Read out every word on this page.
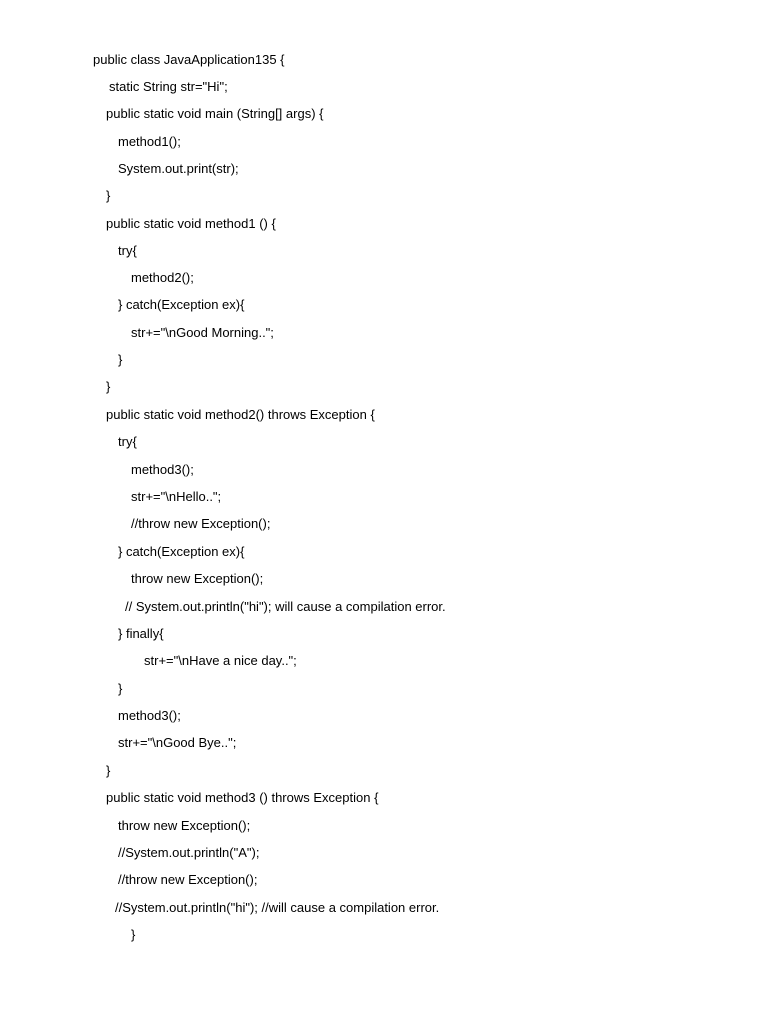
public class JavaApplication135 {
static String str="Hi";
public static void main (String[] args) {
method1();
System.out.print(str);
}
public static void method1 () {
try{
method2();
} catch(Exception ex){
str+="\nGood Morning..";
}
}
public static void method2() throws Exception {
try{
method3();
str+="\nHello..";
//throw new Exception();
} catch(Exception ex){
throw new Exception();
// System.out.println("hi"); will cause a compilation error.
} finally{
str+="\nHave a nice day..";
}
method3();
str+="\nGood Bye..";
}
public static void method3 () throws Exception {
throw new Exception();
//System.out.println("A");
//throw new Exception();
//System.out.println("hi"); //will cause a compilation error.
}
